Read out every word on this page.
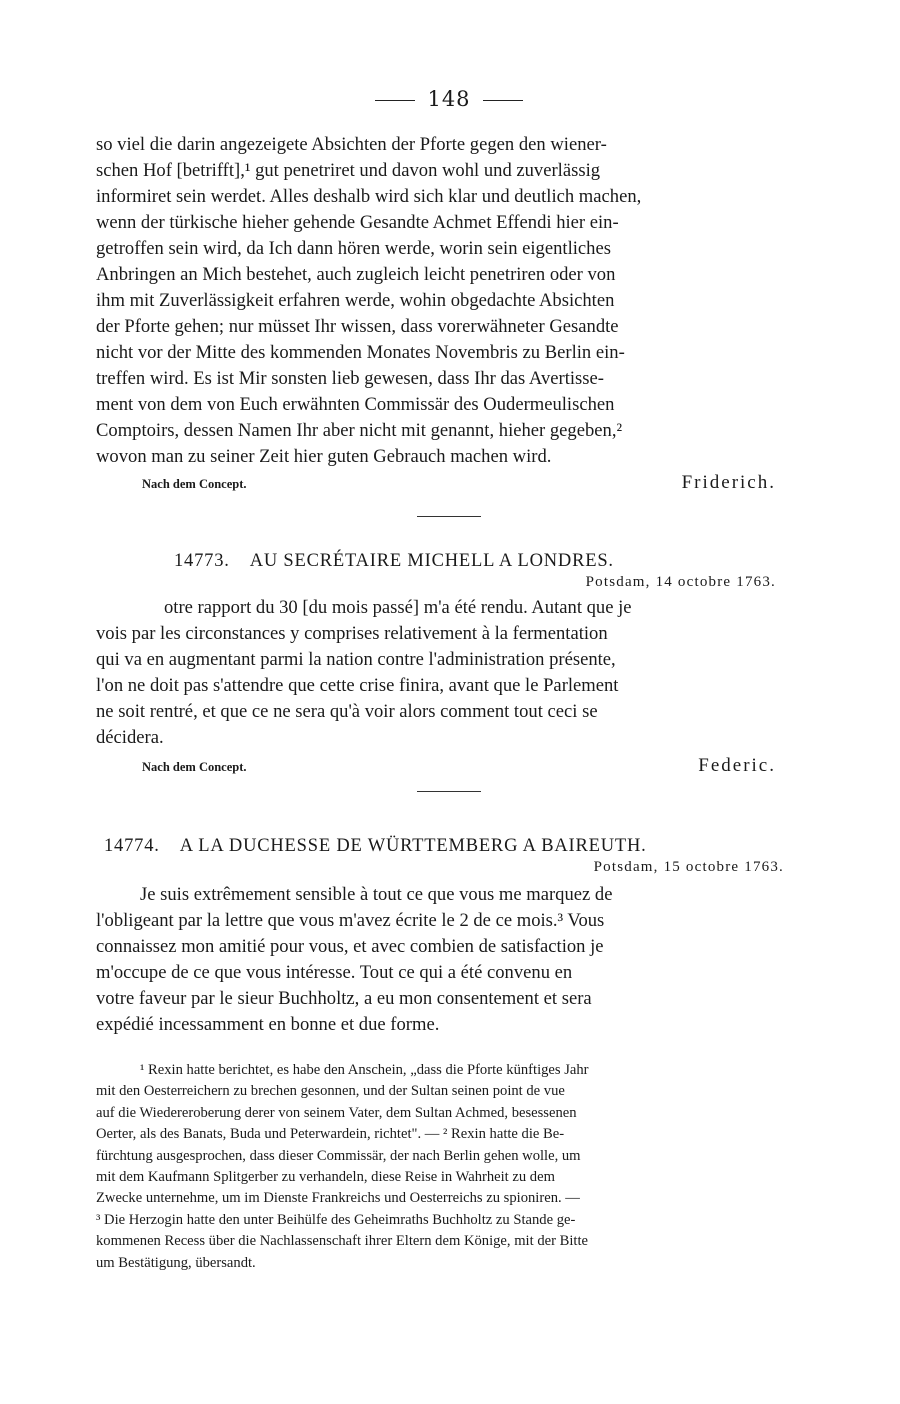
148

so viel die darin angezeigete Absichten der Pforte gegen den wiener-
schen Hof [betrifft],¹ gut penetriret und davon wohl und zuverlässig
informiret sein werdet. Alles deshalb wird sich klar und deutlich machen,
wenn der türkische hieher gehende Gesandte Achmet Effendi hier ein-
getroffen sein wird, da Ich dann hören werde, worin sein eigentliches
Anbringen an Mich bestehet, auch zugleich leicht penetriren oder von
ihm mit Zuverlässigkeit erfahren werde, wohin obgedachte Absichten
der Pforte gehen; nur müsset Ihr wissen, dass vorerwähneter Gesandte
nicht vor der Mitte des kommenden Monates Novembris zu Berlin ein-
treffen wird. Es ist Mir sonsten lieb gewesen, dass Ihr das Avertisse-
ment von dem von Euch erwähnten Commissär des Oudermeulischen
Comptoirs, dessen Namen Ihr aber nicht mit genannt, hieher gegeben,²
wovon man zu seiner Zeit hier guten Gebrauch machen wird.

Nach dem Concept.	Friderich.
14773. AU SECRÉTAIRE MICHELL A LONDRES.
Potsdam, 14 octobre 1763.

otre rapport du 30 [du mois passé] m'a été rendu. Autant que je
vois par les circonstances y comprises relativement à la fermentation
qui va en augmentant parmi la nation contre l'administration présente,
l'on ne doit pas s'attendre que cette crise finira, avant que le Parlement
ne soit rentré, et que ce ne sera qu'à voir alors comment tout ceci se
décidera.

Nach dem Concept.	Federic.
14774. A LA DUCHESSE DE WÜRTTEMBERG A BAIREUTH.
Potsdam, 15 octobre 1763.

Je suis extrêmement sensible à tout ce que vous me marquez de
l'obligeant par la lettre que vous m'avez écrite le 2 de ce mois.³ Vous
connaissez mon amitié pour vous, et avec combien de satisfaction je
m'occupe de ce que vous intéresse. Tout ce qui a été convenu en
votre faveur par le sieur Buchholtz, a eu mon consentement et sera
expédié incessamment en bonne et due forme.

¹ Rexin hatte berichtet, es habe den Anschein, „dass die Pforte künftiges Jahr
mit den Oesterreichern zu brechen gesonnen, und der Sultan seinen point de vue
auf die Wiedereroberung derer von seinem Vater, dem Sultan Achmed, besessenen
Oerter, als des Banats, Buda und Peterwardein, richtet". — ² Rexin hatte die Be-
fürchtung ausgesprochen, dass dieser Commissär, der nach Berlin gehen wolle, um
mit dem Kaufmann Splitgerber zu verhandeln, diese Reise in Wahrheit zu dem
Zwecke unternehme, um im Dienste Frankreichs und Oesterreichs zu spioniren. —
³ Die Herzogin hatte den unter Beihülfe des Geheimraths Buchholtz zu Stande ge-
kommenen Recess über die Nachlassenschaft ihrer Eltern dem Könige, mit der Bitte
um Bestätigung, übersandt.
